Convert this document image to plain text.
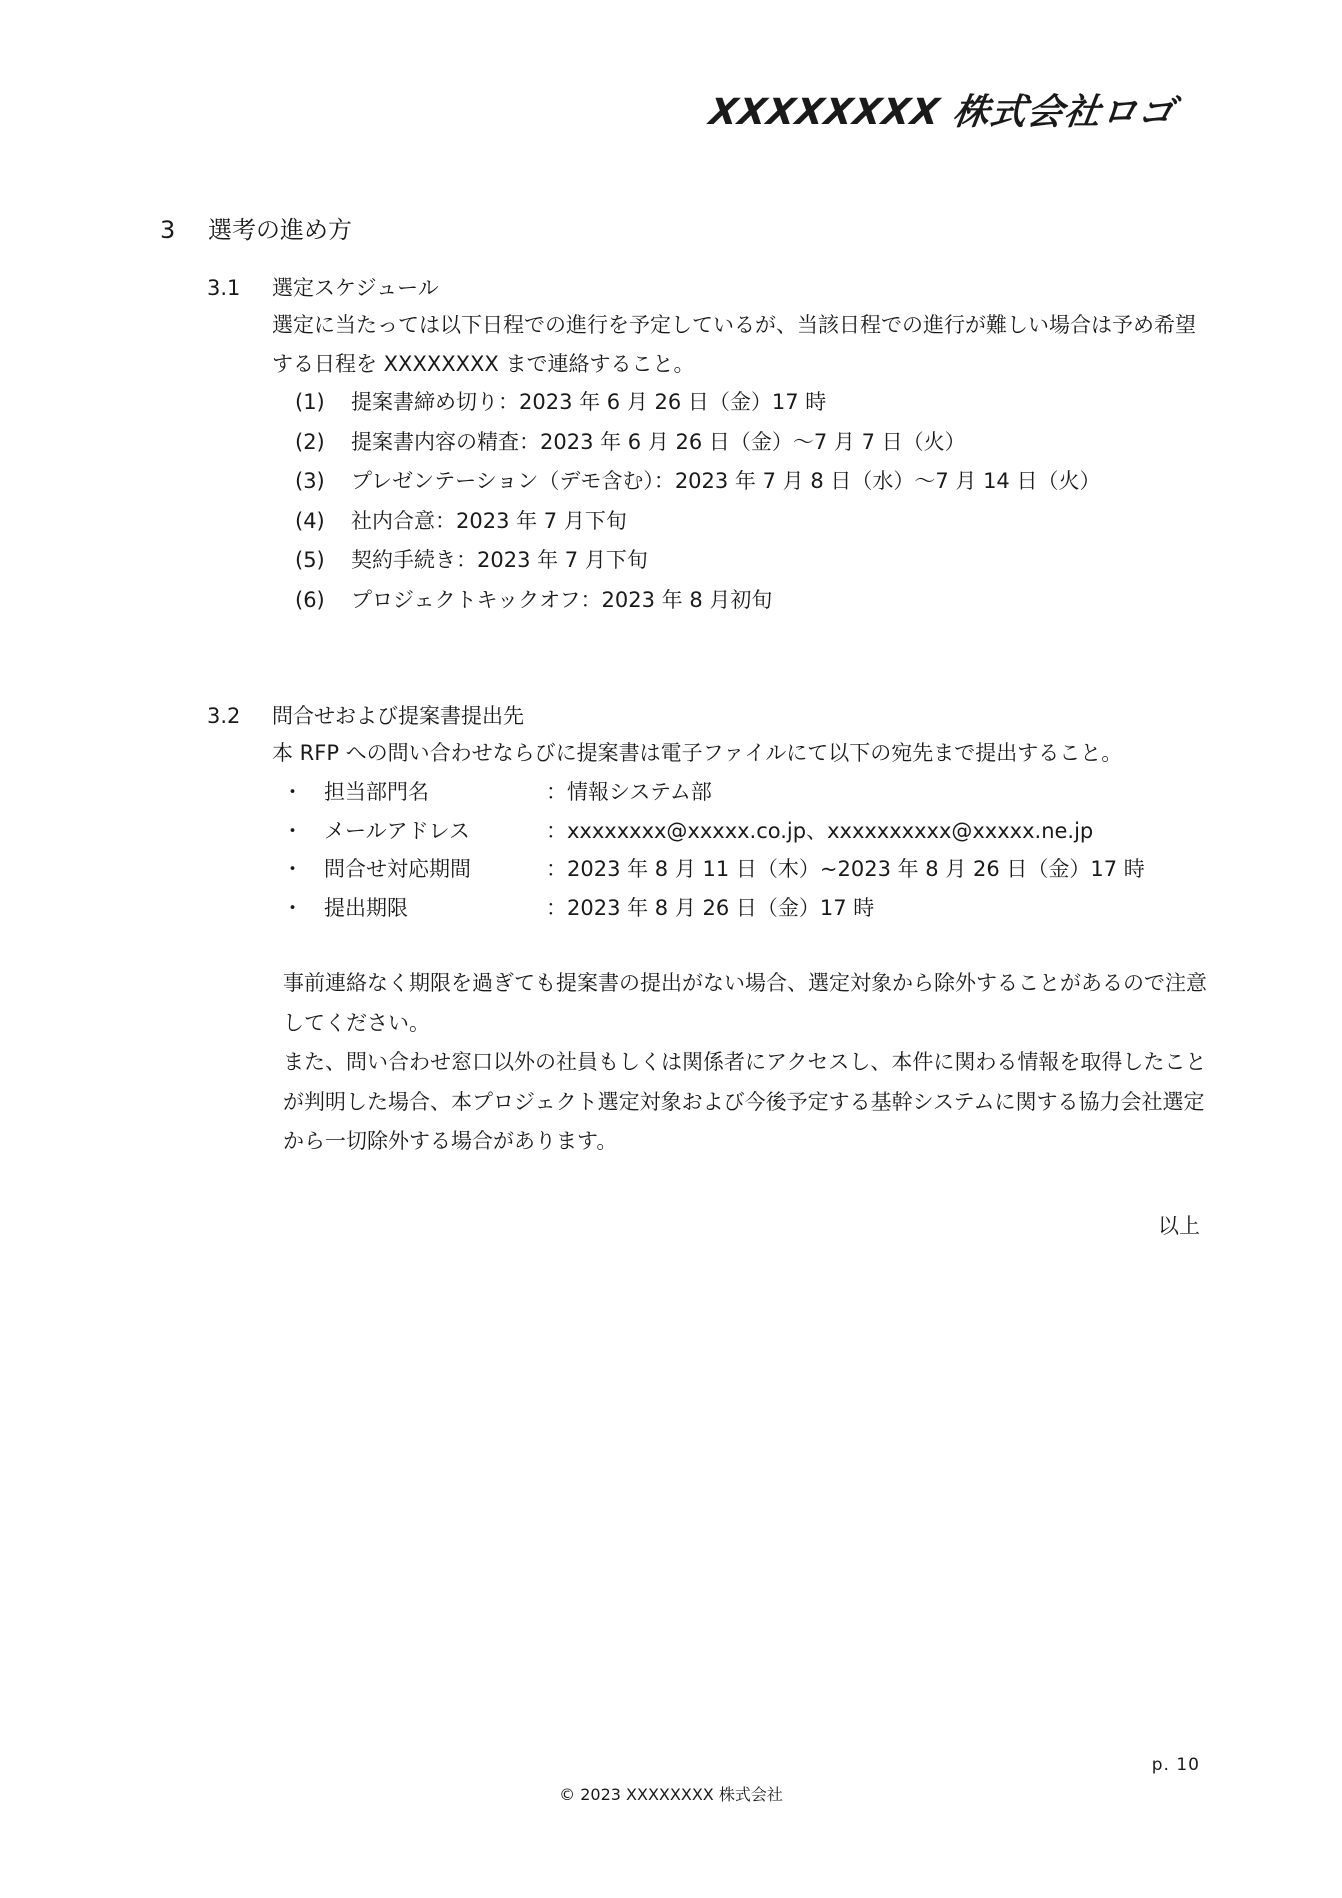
XXXXXXXX 株式会社ロゴ
3 選考の進め方
3.1 選定スケジュール

選定に当たっては以下日程での進行を予定しているが、当該日程での進行が難しい場合は予め希望

する日程を XXXXXXXX まで連絡すること。

(1) 提案書締め切り：2023 年 6 月 26 日（金）17 時
(2) 提案書内容の精査：2023 年 6 月 26 日（金）〜7 月 7 日（火）
(3) プレゼンテーション（デモ含む）：2023 年 7 月 8 日（水）〜7 月 14 日（火）
(4) 社内合意：2023 年 7 月下旬
(5) 契約手続き：2023 年 7 月下旬
(6) プロジェクトキックオフ：2023 年 8 月初旬
3.2 問合せおよび提案書提出先

本 RFP への問い合わせならびに提案書は電子ファイルにて以下の宛先まで提出すること。

・ 担当部門名	：情報システム部
・ メールアドレス	：xxxxxxxx@xxxxx.co.jp、xxxxxxxxxx@xxxxx.ne.jp
・ 問合せ対応期間	：2023 年 8 月 11 日（木）~2023 年 8 月 26 日（金）17 時
・ 提出期限	：2023 年 8 月 26 日（金）17 時

事前連絡なく期限を過ぎても提案書の提出がない場合、選定対象から除外することがあるので注意

してください。

また、問い合わせ窓口以外の社員もしくは関係者にアクセスし、本件に関わる情報を取得したこと

が判明した場合、本プロジェクト選定対象および今後予定する基幹システムに関する協力会社選定

から一切除外する場合があります。

以上
p. 10
© 2023 XXXXXXXX 株式会社
